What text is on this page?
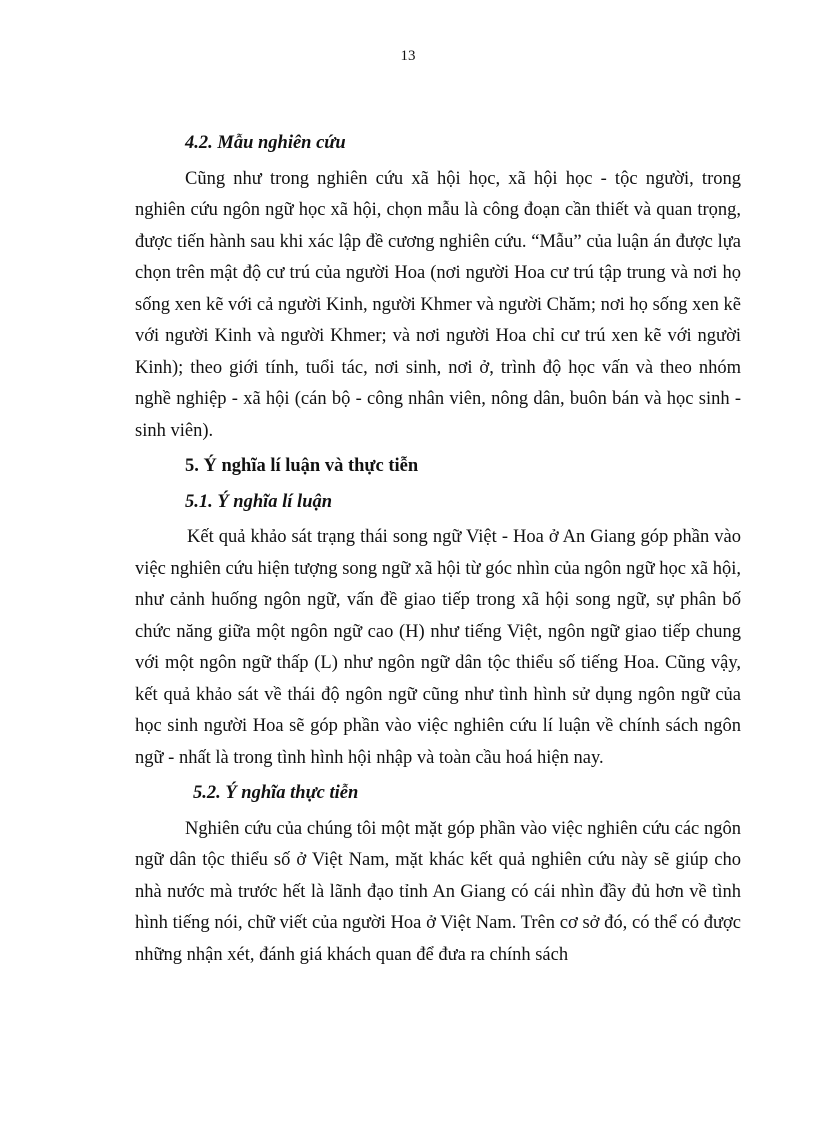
13
4.2. Mẫu nghiên cứu

Cũng như trong nghiên cứu xã hội học, xã hội học - tộc người, trong nghiên cứu ngôn ngữ học xã hội, chọn mẫu là công đoạn cần thiết và quan trọng, được tiến hành sau khi xác lập đề cương nghiên cứu. “Mẫu” của luận án được lựa chọn trên mật độ cư trú của người Hoa (nơi người Hoa cư trú tập trung và nơi họ sống xen kẽ với cả người Kinh, người Khmer và người Chăm; nơi họ sống xen kẽ với người Kinh và người Khmer; và nơi người Hoa chỉ cư trú xen kẽ với người Kinh); theo giới tính, tuổi tác, nơi sinh, nơi ở, trình độ học vấn và theo nhóm nghề nghiệp - xã hội (cán bộ - công nhân viên, nông dân, buôn bán và học sinh - sinh viên).

5. Ý nghĩa lí luận và thực tiễn
5.1. Ý nghĩa lí luận

Kết quả khảo sát trạng thái song ngữ Việt - Hoa ở An Giang góp phần vào việc nghiên cứu hiện tượng song ngữ xã hội từ góc nhìn của ngôn ngữ học xã hội, như cảnh huống ngôn ngữ, vấn đề giao tiếp trong xã hội song ngữ, sự phân bố chức năng giữa một ngôn ngữ cao (H) như tiếng Việt, ngôn ngữ giao tiếp chung với một ngôn ngữ thấp (L) như ngôn ngữ dân tộc thiểu số tiếng Hoa. Cũng vậy, kết quả khảo sát về thái độ ngôn ngữ cũng như tình hình sử dụng ngôn ngữ của học sinh người Hoa sẽ góp phần vào việc nghiên cứu lí luận về chính sách ngôn ngữ - nhất là trong tình hình hội nhập và toàn cầu hoá hiện nay.

5.2. Ý nghĩa thực tiễn

Nghiên cứu của chúng tôi một mặt góp phần vào việc nghiên cứu các ngôn ngữ dân tộc thiểu số ở Việt Nam, mặt khác kết quả nghiên cứu này sẽ giúp cho nhà nước mà trước hết là lãnh đạo tỉnh An Giang có cái nhìn đầy đủ hơn về tình hình tiếng nói, chữ viết của người Hoa ở Việt Nam. Trên cơ sở đó, có thể có được những nhận xét, đánh giá khách quan để đưa ra chính sách
